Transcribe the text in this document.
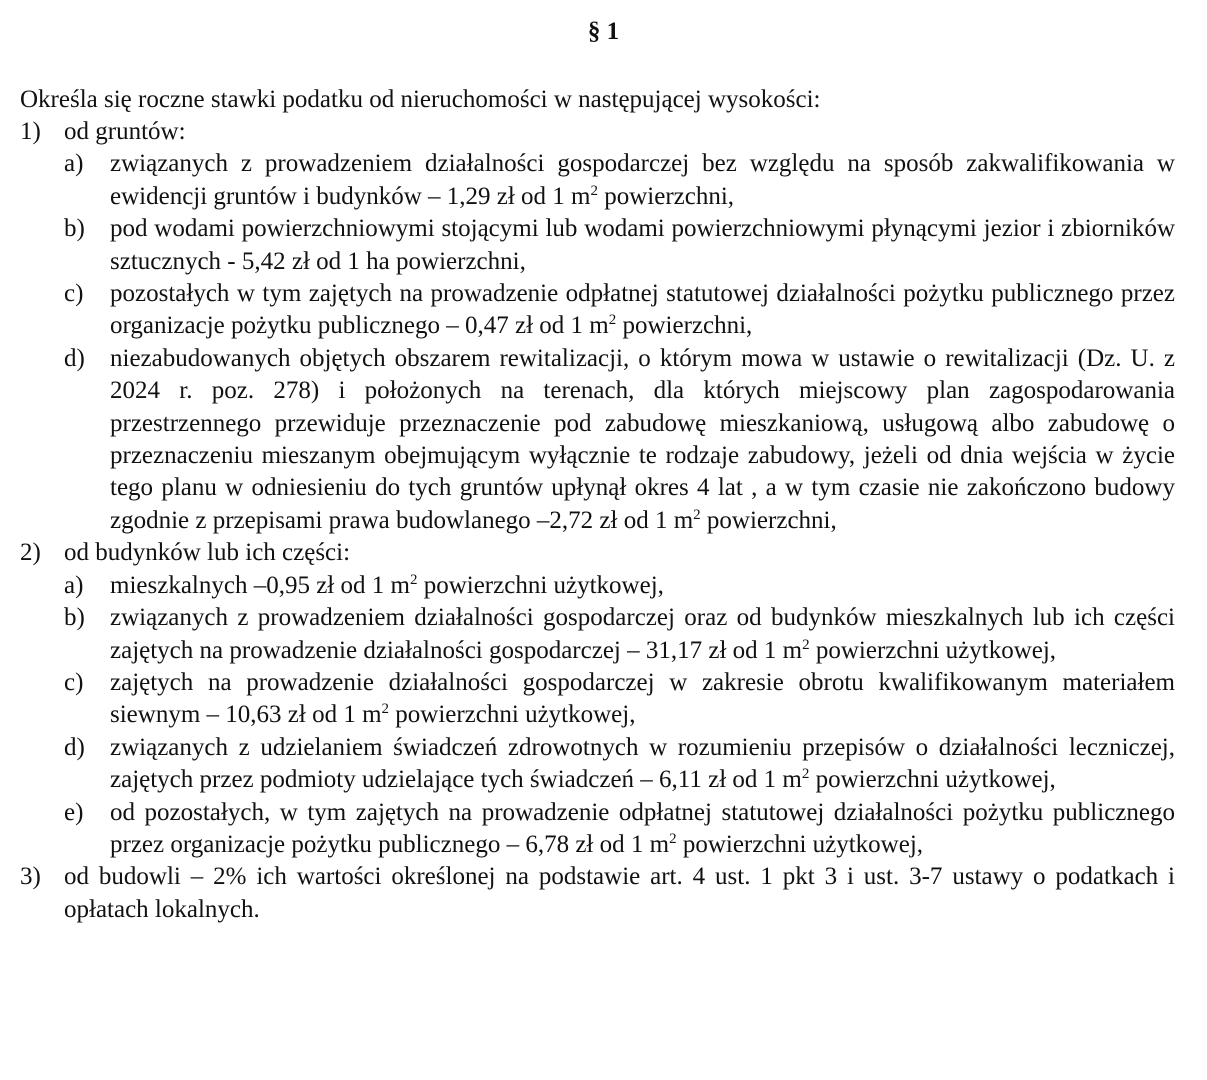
§ 1
Określa się roczne stawki podatku od nieruchomości w następującej wysokości:
1) od gruntów:
a) związanych z prowadzeniem działalności gospodarczej bez względu na sposób zakwalifikowania w ewidencji gruntów i budynków – 1,29 zł od 1 $m^2$ powierzchni,
b) pod wodami powierzchniowymi stojącymi lub wodami powierzchniowymi płynącymi jezior i zbiorników sztucznych - 5,42 zł od 1 ha powierzchni,
c) pozostałych w tym zajętych na prowadzenie odpłatnej statutowej działalności pożytku publicznego przez organizacje pożytku publicznego – 0,47 zł od 1 $m^2$ powierzchni,
d) niezabudowanych objętych obszarem rewitalizacji, o którym mowa w ustawie o rewitalizacji (Dz. U. z 2024 r. poz. 278) i położonych na terenach, dla których miejscowy plan zagospodarowania przestrzennego przewiduje przeznaczenie pod zabudowę mieszkaniową, usługową albo zabudowę o przeznaczeniu mieszanym obejmującym wyłącznie te rodzaje zabudowy, jeżeli od dnia wejścia w życie tego planu w odniesieniu do tych gruntów upłynął okres 4 lat , a w tym czasie nie zakończono budowy zgodnie z przepisami prawa budowlanego –2,72 zł od 1 $m^2$ powierzchni,
2) od budynków lub ich części:
a) mieszkalnych –0,95 zł od 1 $m^2$ powierzchni użytkowej,
b) związanych z prowadzeniem działalności gospodarczej oraz od budynków mieszkalnych lub ich części zajętych na prowadzenie działalności gospodarczej – 31,17 zł od 1 $m^2$ powierzchni użytkowej,
c) zajętych na prowadzenie działalności gospodarczej w zakresie obrotu kwalifikowanym materiałem siewnym – 10,63 zł od 1 $m^2$ powierzchni użytkowej,
d) związanych z udzielaniem świadczeń zdrowotnych w rozumieniu przepisów o działalności leczniczej, zajętych przez podmioty udzielające tych świadczeń – 6,11 zł od 1 $m^2$ powierzchni użytkowej,
e) od pozostałych, w tym zajętych na prowadzenie odpłatnej statutowej działalności pożytku publicznego przez organizacje pożytku publicznego – 6,78 zł od 1 $m^2$ powierzchni użytkowej,
3) od budowli – 2% ich wartości określonej na podstawie art. 4 ust. 1 pkt 3 i ust. 3-7 ustawy o podatkach i opłatach lokalnych.
